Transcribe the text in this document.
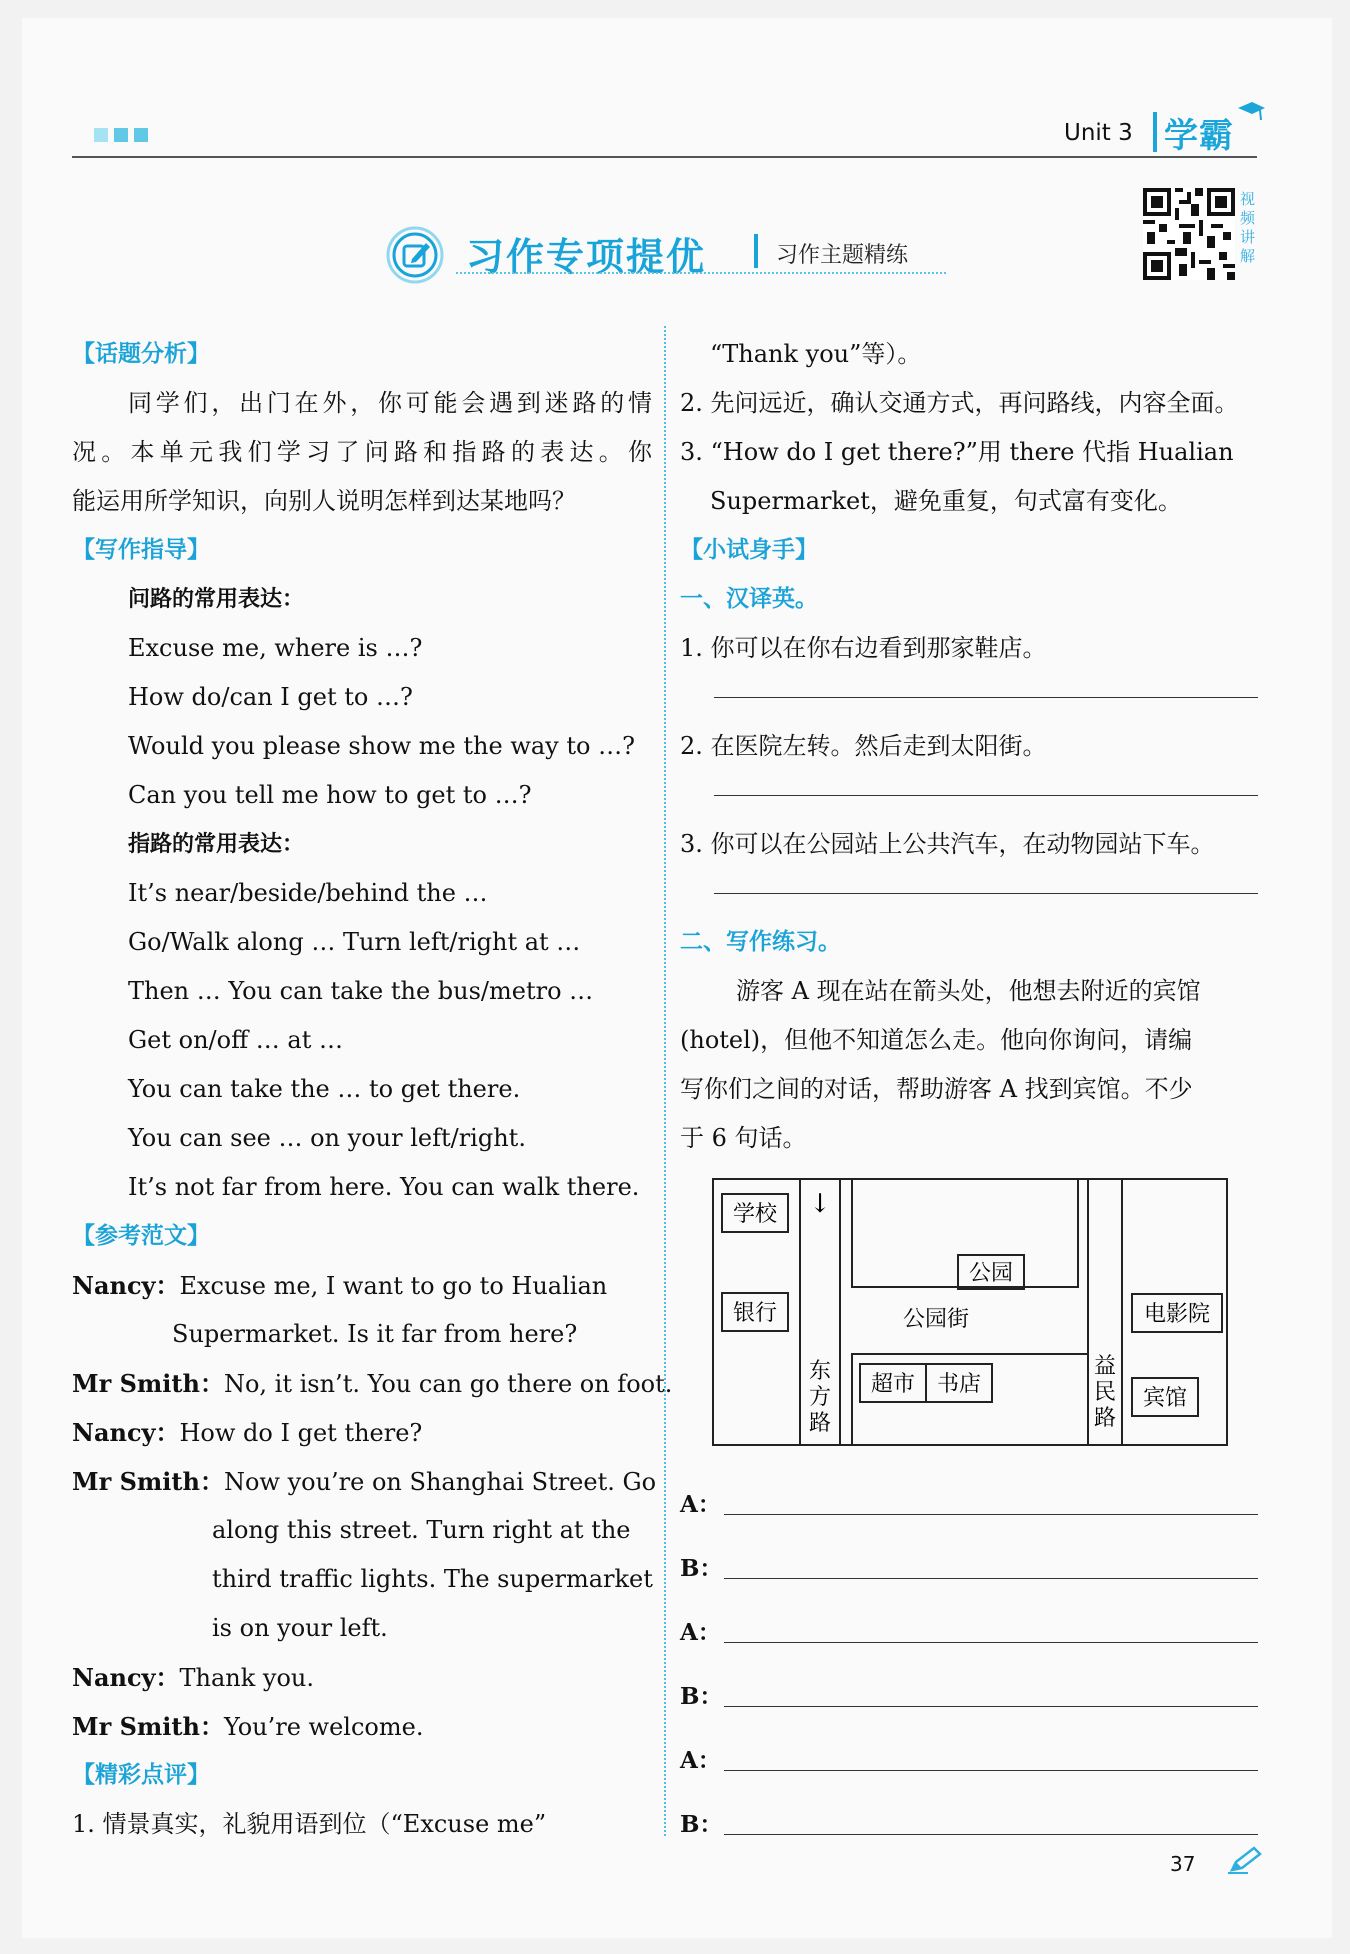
Unit 3 学霸
习作专项提优	习作主题精练
视频讲解
【话题分析】
同学们，出门在外，你可能会遇到迷路的情
况。本单元我们学习了问路和指路的表达。你
能运用所学知识，向别人说明怎样到达某地吗？
【写作指导】
问路的常用表达：
Excuse me, where is …?
How do/can I get to …?
Would you please show me the way to …?
Can you tell me how to get to …?
指路的常用表达：
It’s near/beside/behind the …
Go/Walk along … Turn left/right at …
Then … You can take the bus/metro …
Get on/off … at …
You can take the … to get there.
You can see … on your left/right.
It’s not far from here. You can walk there.
【参考范文】
Nancy：Excuse me, I want to go to Hualian
Supermarket. Is it far from here?
Mr Smith：No, it isn’t. You can go there on foot.
Nancy：How do I get there?
Mr Smith：Now you’re on Shanghai Street. Go
along this street. Turn right at the
third traffic lights. The supermarket
is on your left.
Nancy：Thank you.
Mr Smith：You’re welcome.
【精彩点评】
1. 情景真实，礼貌用语到位（“Excuse me”
“Thank you”等）。
2. 先问远近，确认交通方式，再问路线，内容全面。
3. “How do I get there?”用 there 代指 Hualian
Supermarket，避免重复，句式富有变化。
【小试身手】
一、汉译英。
1. 你可以在你右边看到那家鞋店。
2. 在医院左转。然后走到太阳街。
3. 你可以在公园站上公共汽车，在动物园站下车。
二、写作练习。
游客 A 现在站在箭头处，他想去附近的宾馆
(hotel)，但他不知道怎么走。他向你询问，请编
写你们之间的对话，帮助游客 A 找到宾馆。不少
于 6 句话。
学校
银行
↓
公园
公园街
东
方
路
超市 书店
益
民
路
电影院
宾馆
A：
B：
A：
B：
A：
B：
37
